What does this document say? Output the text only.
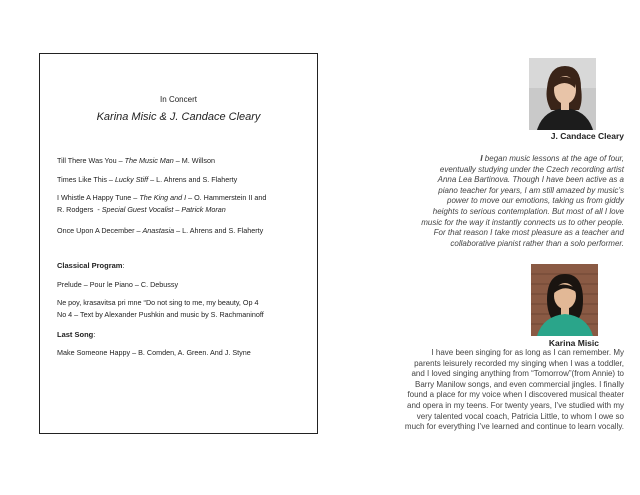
In Concert
Karina Misic & J. Candace Cleary
Till There Was You – The Music Man – M. Willson
Times Like This – Lucky Stiff – L. Ahrens and S. Flaherty
I Whistle A Happy Tune – The King and I – O. Hammerstein II and
R. Rodgers  - Special Guest Vocalist – Patrick Moran
Once Upon A December – Anastasia – L. Ahrens and S. Flaherty
Classical Program:
Prelude – Pour le Piano – C. Debussy
Ne poy, krasavitsa pri mne “Do not sing to me, my beauty, Op 4
No 4 – Text by Alexander Pushkin and music by S. Rachmaninoff
Last Song:
Make Someone Happy – B. Comden, A. Green. And J. Styne
J. Candace Cleary
I began music lessons at the age of four,
eventually studying under the Czech recording artist
Anna Lea Bartinova. Though I have been active as a
piano teacher for years, I am still amazed by music’s
power to move our emotions, taking us from giddy
heights to serious contemplation. But most of all I love
music for the way it instantly connects us to other people.
For that reason I take most pleasure as a teacher and
collaborative pianist rather than a solo performer.
Karina Misic
I have been singing for as long as I can remember. My
parents leisurely recorded my singing when I was a toddler,
and I loved singing anything from “Tomorrow”(from Annie) to
Barry Manilow songs, and even commercial jingles. I finally
found a place for my voice when I discovered musical theater
and opera in my teens. For twenty years, I’ve studied with my
very talented vocal coach, Patricia Little, to whom I owe so
much for everything I’ve learned and continue to learn vocally.
